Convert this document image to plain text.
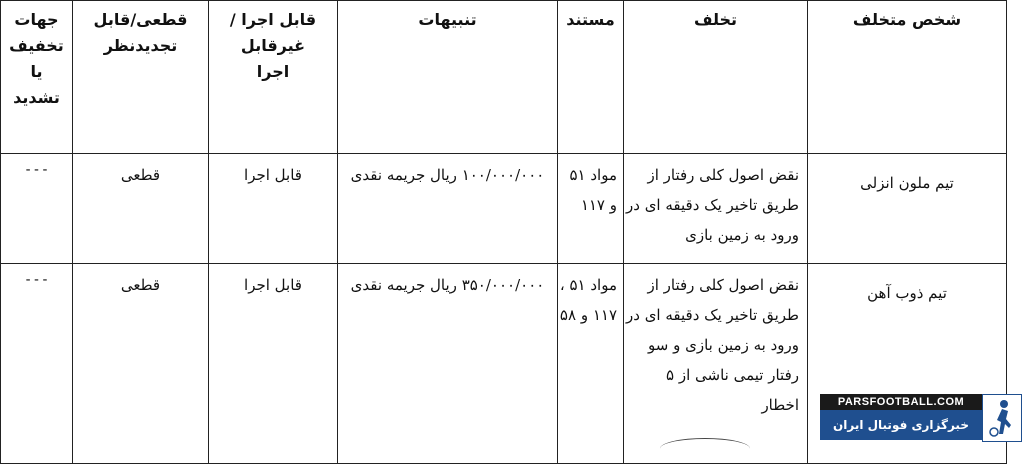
شخص متخلف	تخلف	مستند	تنبیهات	قابل اجرا /غیرقابل اجرا	قطعی/قابل تجدیدنظر	جهات تخفیف یا تشدید

تیم ملون انزلی	نقض اصول کلی رفتار از طریق تاخیر یک دقیقه ای در ورود به زمین بازی	مواد ۵۱ و ۱۱۷	۱۰۰/۰۰۰/۰۰۰ ریال جریمه نقدی	قابل اجرا	قطعی	---

تیم ذوب آهن	نقض اصول کلی رفتار از طریق تاخیر یک دقیقه ای در ورود به زمین بازی و سو رفتار تیمی ناشی از ۵ اخطار	مواد ۵۱ ، ۱۱۷ و ۵۸	۳۵۰/۰۰۰/۰۰۰ ریال جریمه نقدی	قابل اجرا	قطعی	---
PARSFOOTBALL.COM
خبرگزاری فوتبال ایران
